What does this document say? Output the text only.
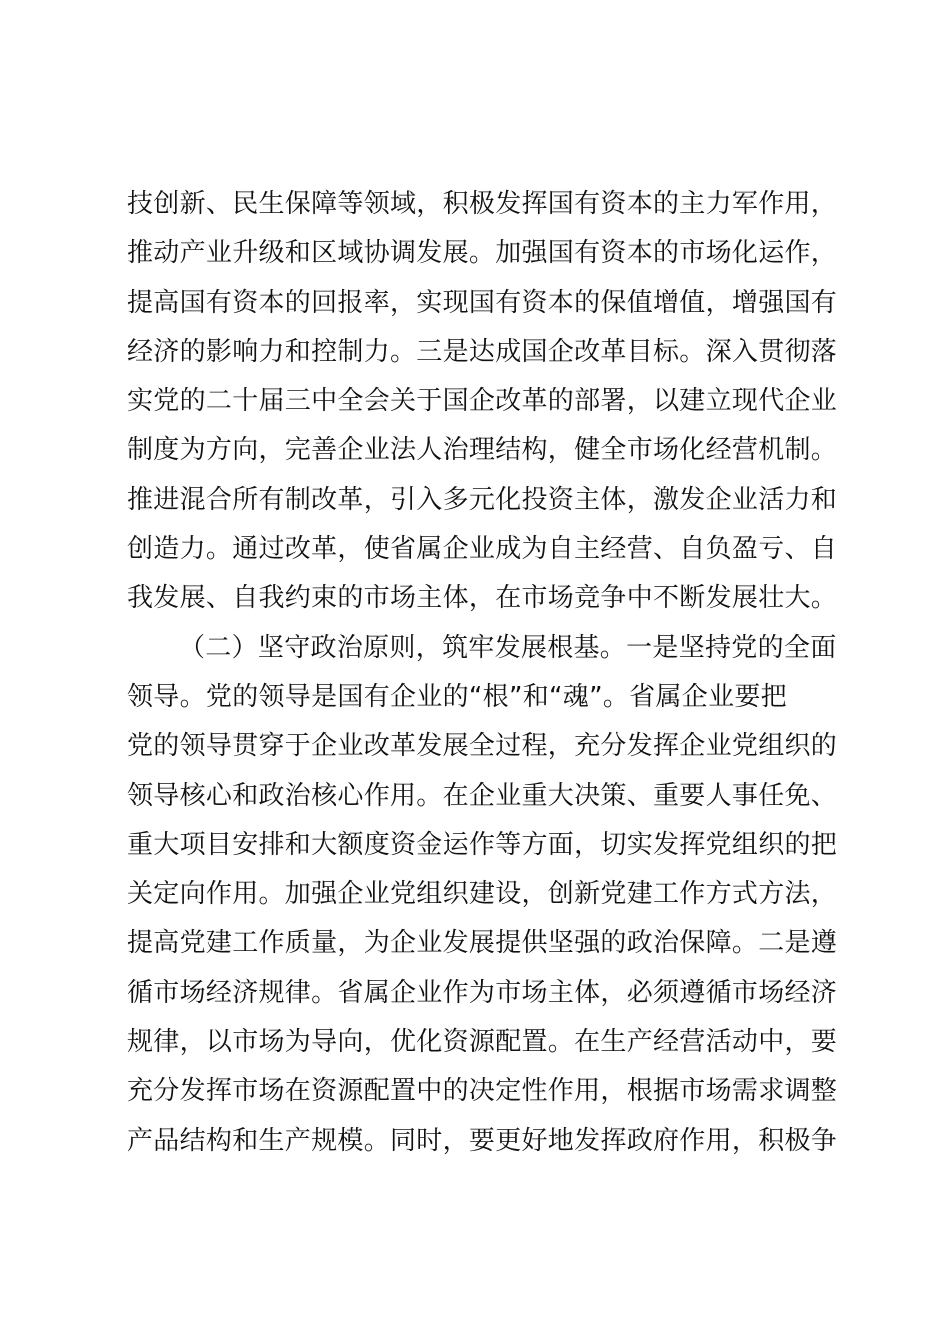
技创新、民生保障等领域，积极发挥国有资本的主力军作用，
推动产业升级和区域协调发展。加强国有资本的市场化运作，
提高国有资本的回报率，实现国有资本的保值增值，增强国有
经济的影响力和控制力。三是达成国企改革目标。深入贯彻落
实党的二十届三中全会关于国企改革的部署，以建立现代企业
制度为方向，完善企业法人治理结构，健全市场化经营机制。
推进混合所有制改革，引入多元化投资主体，激发企业活力和
创造力。通过改革，使省属企业成为自主经营、自负盈亏、自
我发展、自我约束的市场主体，在市场竞争中不断发展壮大。
（二）坚守政治原则，筑牢发展根基。一是坚持党的全面
领导。党的领导是国有企业的“根”和“魂”。省属企业要把
党的领导贯穿于企业改革发展全过程，充分发挥企业党组织的
领导核心和政治核心作用。在企业重大决策、重要人事任免、
重大项目安排和大额度资金运作等方面，切实发挥党组织的把
关定向作用。加强企业党组织建设，创新党建工作方式方法，
提高党建工作质量，为企业发展提供坚强的政治保障。二是遵
循市场经济规律。省属企业作为市场主体，必须遵循市场经济
规律，以市场为导向，优化资源配置。在生产经营活动中，要
充分发挥市场在资源配置中的决定性作用，根据市场需求调整
产品结构和生产规模。同时，要更好地发挥政府作用，积极争
